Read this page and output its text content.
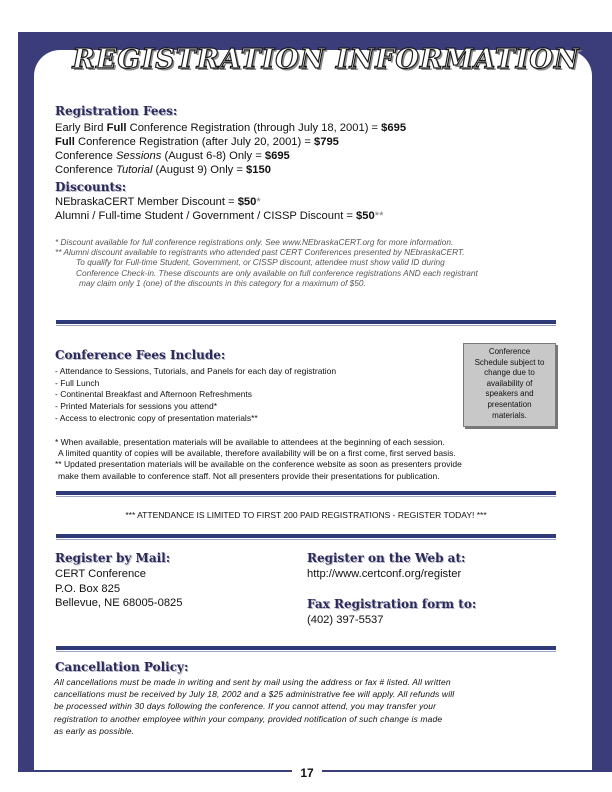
REGISTRATION INFORMATION
Registration Fees:
Early Bird Full Conference Registration (through July 18, 2001) = $695
Full Conference Registration (after July 20, 2001) = $795
Conference Sessions (August 6-8) Only = $695
Conference Tutorial (August 9) Only = $150
Discounts:
NEbraskaCERT Member Discount = $50*
Alumni / Full-time Student / Government / CISSP Discount = $50**
* Discount available for full conference registrations only. See www.NEbraskaCERT.org for more information.
** Alumni discount available to registrants who attended past CERT Conferences presented by NEbraskaCERT.
To qualify for Full-time Student, Government, or CISSP discount, attendee must show valid ID during
Conference Check-in. These discounts are only available on full conference registrations AND each registrant
may claim only 1 (one) of the discounts in this category for a maximum of $50.
Conference Fees Include:
- Attendance to Sessions, Tutorials, and Panels for each day of registration
- Full Lunch
- Continental Breakfast and Afternoon Refreshments
- Printed Materials for sessions you attend*
- Access to electronic copy of presentation materials**
Conference
Schedule subject to
change due to
availability of
speakers and
presentation
materials.
* When available, presentation materials will be available to attendees at the beginning of each session.
A limited quantity of copies will be available, therefore availability will be on a first come, first served basis.
** Updated presentation materials will be available on the conference website as soon as presenters provide
make them available to conference staff. Not all presenters provide their presentations for publication.
*** ATTENDANCE IS LIMITED TO FIRST 200 PAID REGISTRATIONS - REGISTER TODAY! ***
Register by Mail:
CERT Conference
P.O. Box 825
Bellevue, NE 68005-0825
Register on the Web at:
http://www.certconf.org/register
Fax Registration form to:
(402) 397-5537
Cancellation Policy:
All cancellations must be made in writing and sent by mail using the address or fax # listed. All written
cancellations must be received by July 18, 2002 and a $25 administrative fee will apply. All refunds will
be processed within 30 days following the conference. If you cannot attend, you may transfer your
registration to another employee within your company, provided notification of such change is made
as early as possible.
17
